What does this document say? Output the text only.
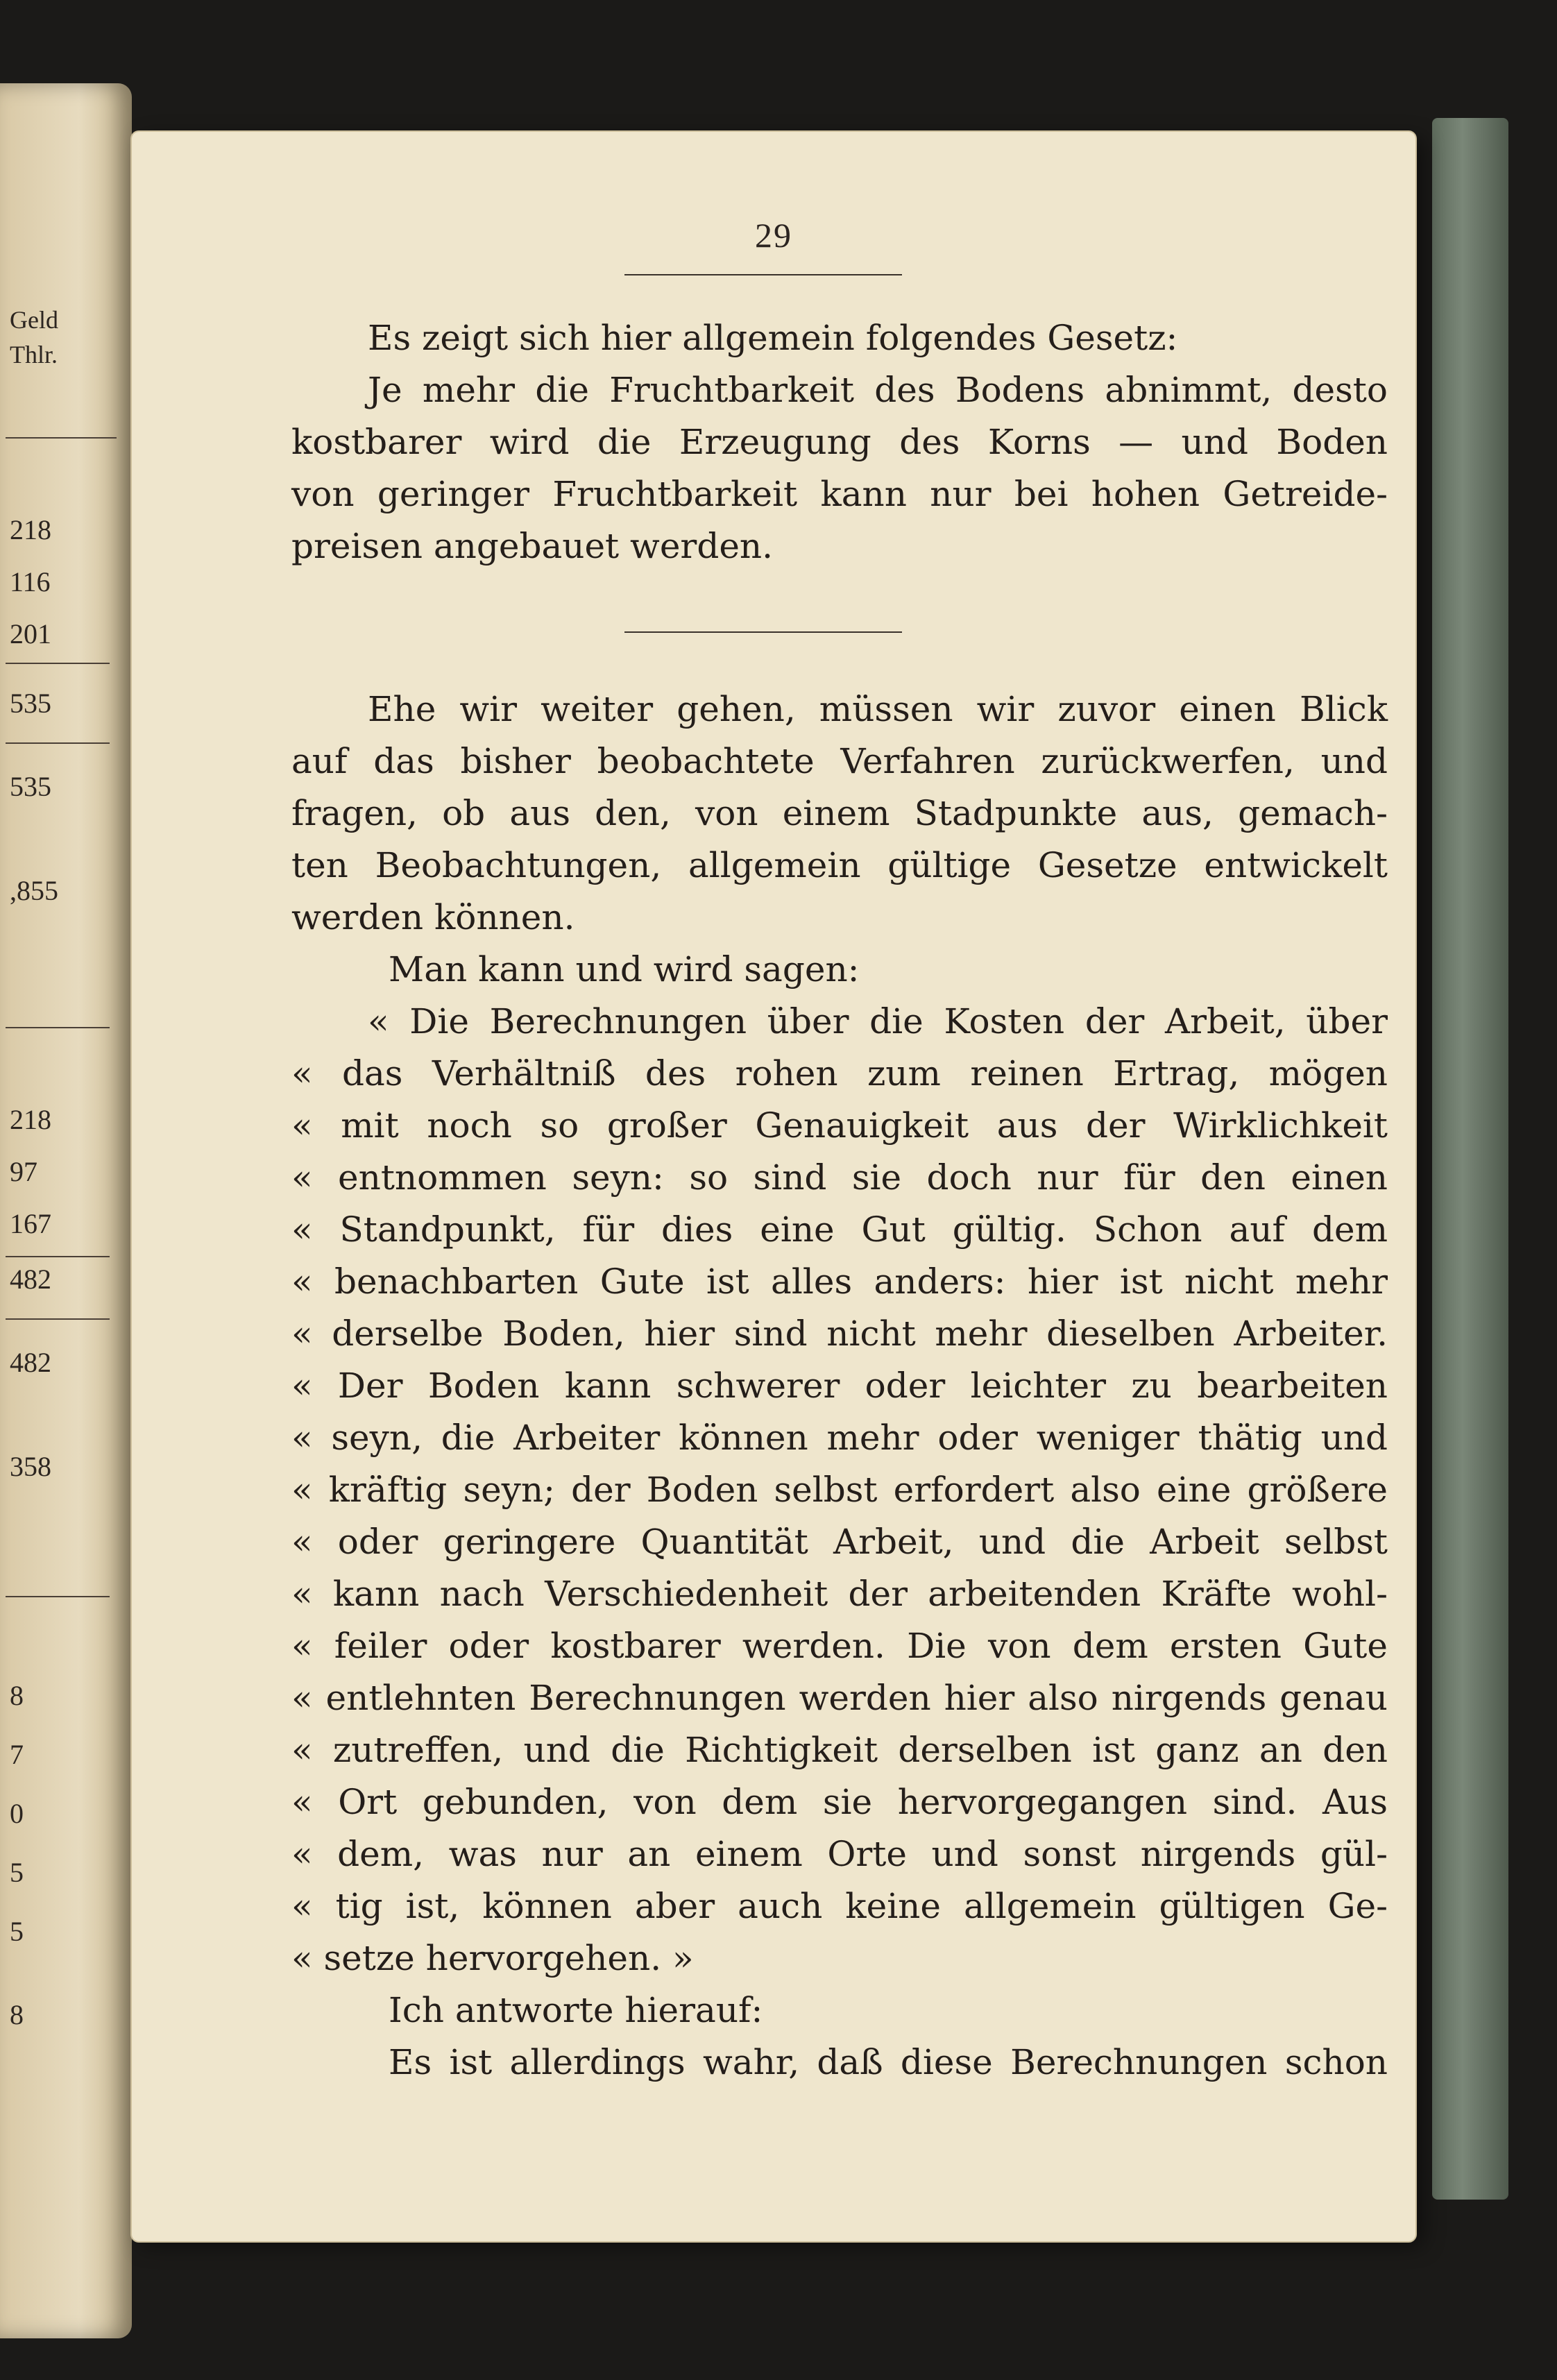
Geld
Thlr.
218
116
201
535
535
,855
218
97
167
482
482
358
8
7
0
5
5
8
29
Es zeigt sich hier allgemein folgendes Gesetz:
Je mehr die Fruchtbarkeit des Bodens abnimmt, desto
kostbarer wird die Erzeugung des Korns — und Boden
von geringer Fruchtbarkeit kann nur bei hohen Getreide-
preisen angebauet werden.
Ehe wir weiter gehen, müssen wir zuvor einen Blick
auf das bisher beobachtete Verfahren zurückwerfen, und
fragen, ob aus den, von einem Stadpunkte aus, gemach-
ten Beobachtungen, allgemein gültige Gesetze entwickelt
werden können.
Man kann und wird sagen:
« Die Berechnungen über die Kosten der Arbeit, über
« das Verhältniß des rohen zum reinen Ertrag, mögen
« mit noch so großer Genauigkeit aus der Wirklichkeit
« entnommen seyn: so sind sie doch nur für den einen
« Standpunkt, für dies eine Gut gültig. Schon auf dem
« benachbarten Gute ist alles anders: hier ist nicht mehr
« derselbe Boden, hier sind nicht mehr dieselben Arbeiter.
« Der Boden kann schwerer oder leichter zu bearbeiten
« seyn, die Arbeiter können mehr oder weniger thätig und
« kräftig seyn; der Boden selbst erfordert also eine größere
« oder geringere Quantität Arbeit, und die Arbeit selbst
« kann nach Verschiedenheit der arbeitenden Kräfte wohl-
« feiler oder kostbarer werden. Die von dem ersten Gute
« entlehnten Berechnungen werden hier also nirgends genau
« zutreffen, und die Richtigkeit derselben ist ganz an den
« Ort gebunden, von dem sie hervorgegangen sind. Aus
« dem, was nur an einem Orte und sonst nirgends gül-
« tig ist, können aber auch keine allgemein gültigen Ge-
« setze hervorgehen. »
Ich antworte hierauf:
Es ist allerdings wahr, daß diese Berechnungen schon
